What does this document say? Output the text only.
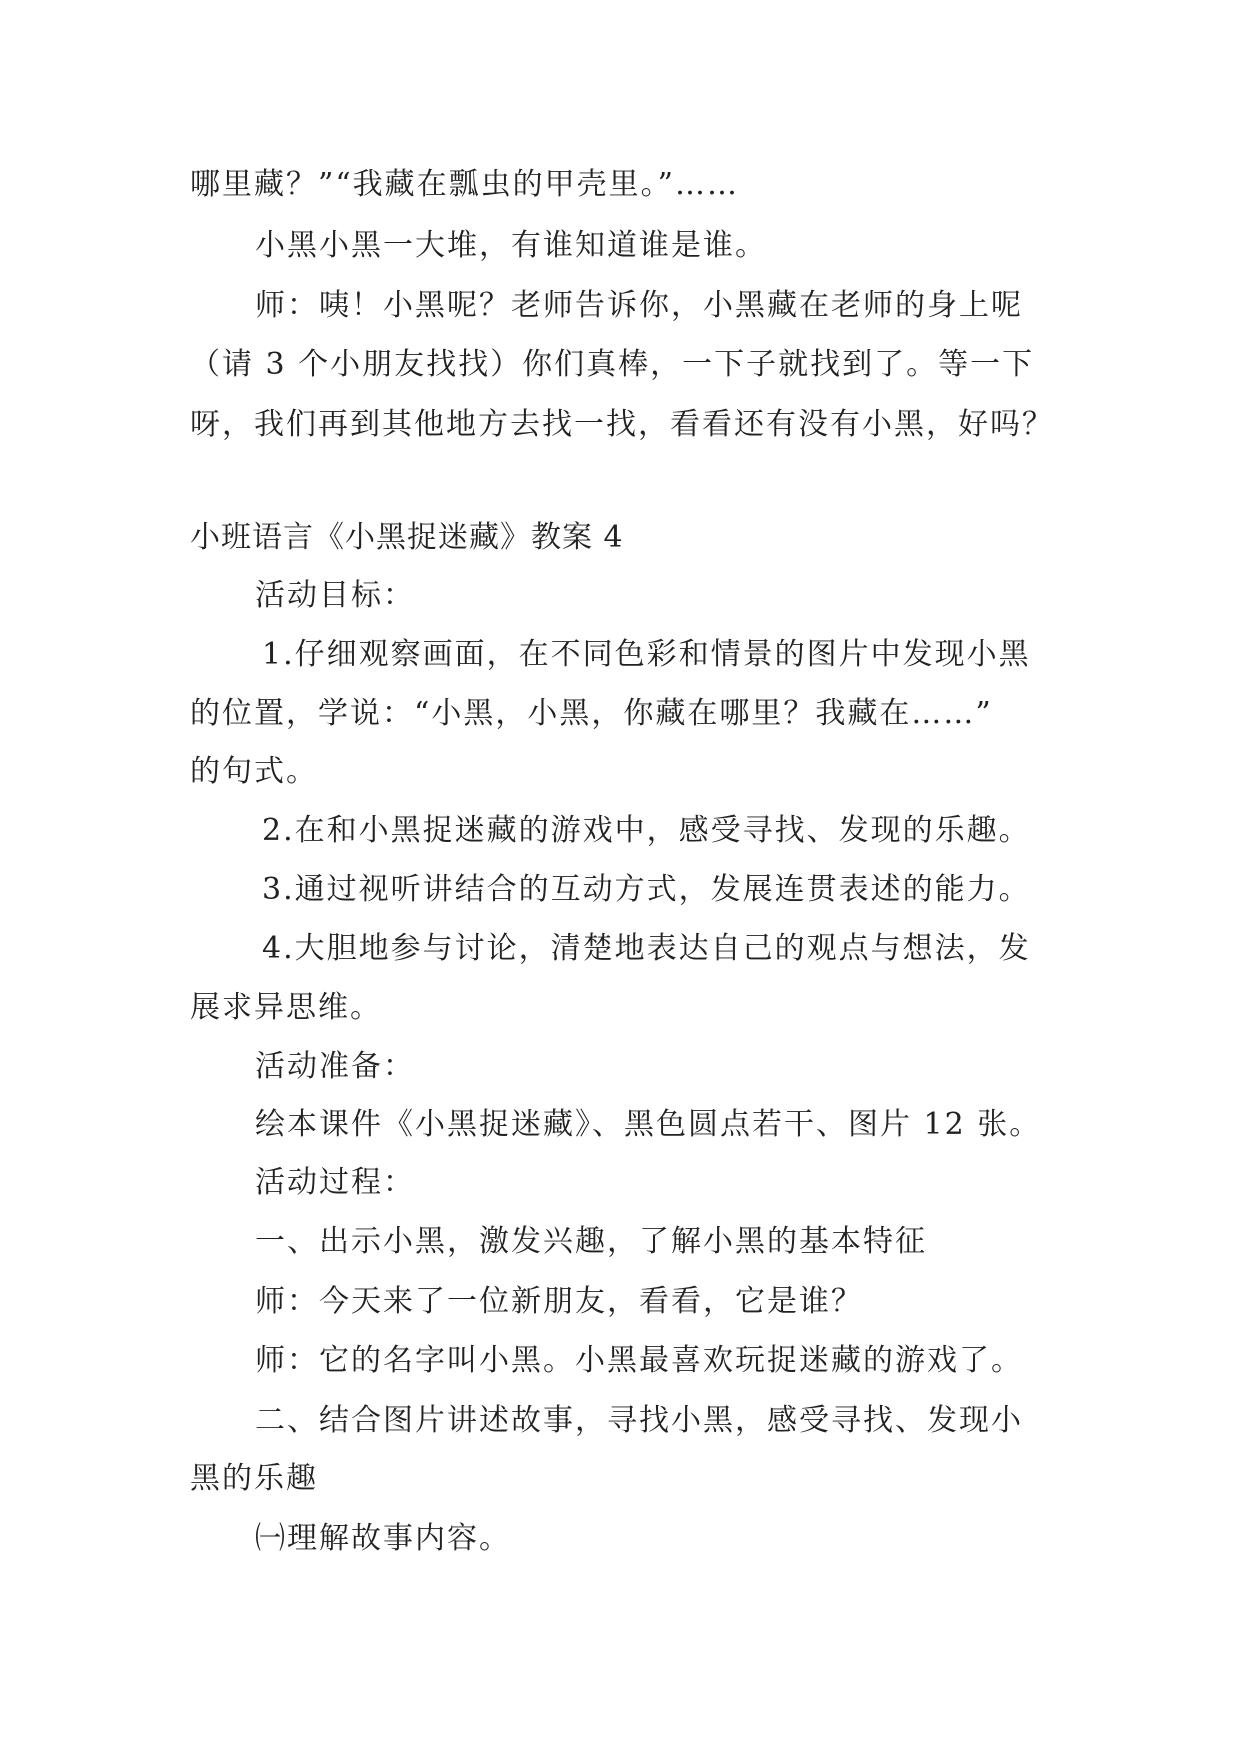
哪里藏？”“我藏在瓢虫的甲壳里。”……
小黑小黑一大堆，有谁知道谁是谁。
师：咦！小黑呢？老师告诉你，小黑藏在老师的身上呢
（请 3 个小朋友找找）你们真棒，一下子就找到了。等一下
呀，我们再到其他地方去找一找，看看还有没有小黑，好吗？
小班语言《小黑捉迷藏》教案 4
活动目标：
1.仔细观察画面，在不同色彩和情景的图片中发现小黑
的位置，学说：“小黑，小黑，你藏在哪里？我藏在……”
的句式。
2.在和小黑捉迷藏的游戏中，感受寻找、发现的乐趣。
3.通过视听讲结合的互动方式，发展连贯表述的能力。
4.大胆地参与讨论，清楚地表达自己的观点与想法，发
展求异思维。
活动准备：
绘本课件《小黑捉迷藏》、黑色圆点若干、图片 12 张。
活动过程：
一、出示小黑，激发兴趣，了解小黑的基本特征
师：今天来了一位新朋友，看看，它是谁？
师：它的名字叫小黑。小黑最喜欢玩捉迷藏的游戏了。
二、结合图片讲述故事，寻找小黑，感受寻找、发现小
黑的乐趣
㈠理解故事内容。
